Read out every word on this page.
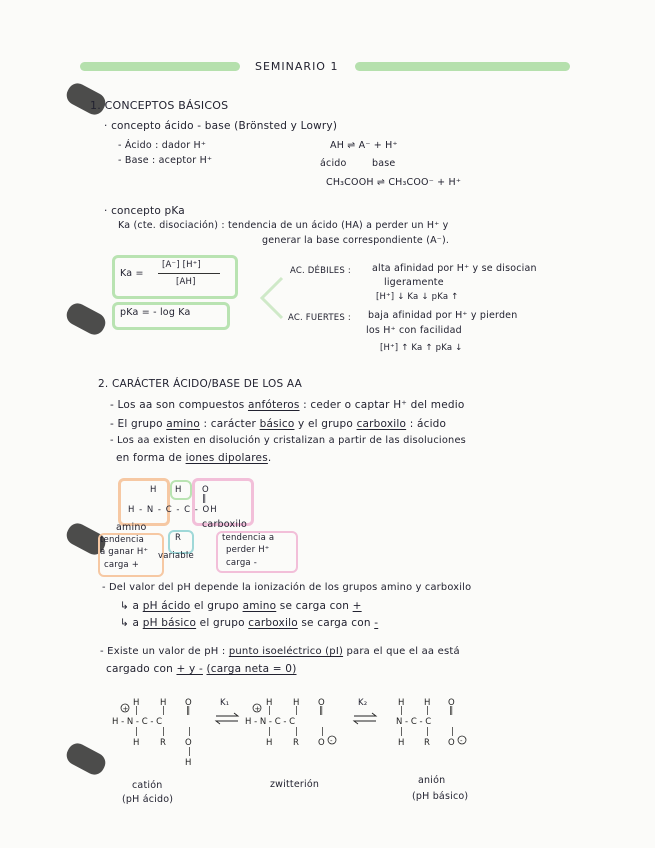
SEMINARIO 1
1. CONCEPTOS BÁSICOS
· concepto ácido - base (Brönsted y Lowry)
- Ácido : dador H⁺
- Base : aceptor H⁺
AH ⇌ A⁻ + H⁺
ácido	base
CH₃COOH ⇌ CH₃COO⁻ + H⁺
· concepto pKa
Ka (cte. disociación) : tendencia de un ácido (HA) a perder un H⁺ y
generar la base correspondiente (A⁻).
Ka =
[A⁻] [H⁺]
[AH]
pKa = - log Ka
AC. DÉBILES : alta afinidad por H⁺ y se disocian
ligeramente
[H⁺] ↓ Ka ↓ pKa ↑
AC. FUERTES : baja afinidad por H⁺ y pierden
los H⁺ con facilidad
[H⁺] ↑ Ka ↑ pKa ↓
2. CARÁCTER ÁCIDO/BASE DE LOS AA
- Los aa son compuestos anfóteros : ceder o captar H⁺ del medio
- El grupo amino : carácter básico y el grupo carboxilo : ácido
- Los aa existen en disolución y cristalizan a partir de las disoluciones
en forma de iones dipolares.
H H O
‖
H - N - C - C - OH
R
amino	carboxilo
tendencia
a ganar H⁺
carga +
variable
tendencia a
perder H⁺
carga -
- Del valor del pH depende la ionización de los grupos amino y carboxilo
↳ a pH ácido el grupo amino se carga con +
↳ a pH básico el grupo carboxilo se carga con -
- Existe un valor de pH : punto isoeléctrico (pI) para el que el aa está
cargado con + y - (carga neta = 0)
+
H H O
|	| ‖
H - N - C - C
|	|	|
H R O
|
H
+
H H O
|	| ‖
H - N - C - C
|	|	|
H R O -
H H O
|	| ‖
N - C - C
|	|	|
H R O -
K₁	K₂
catión
(pH ácido)
zwitterión	anión
(pH básico)
